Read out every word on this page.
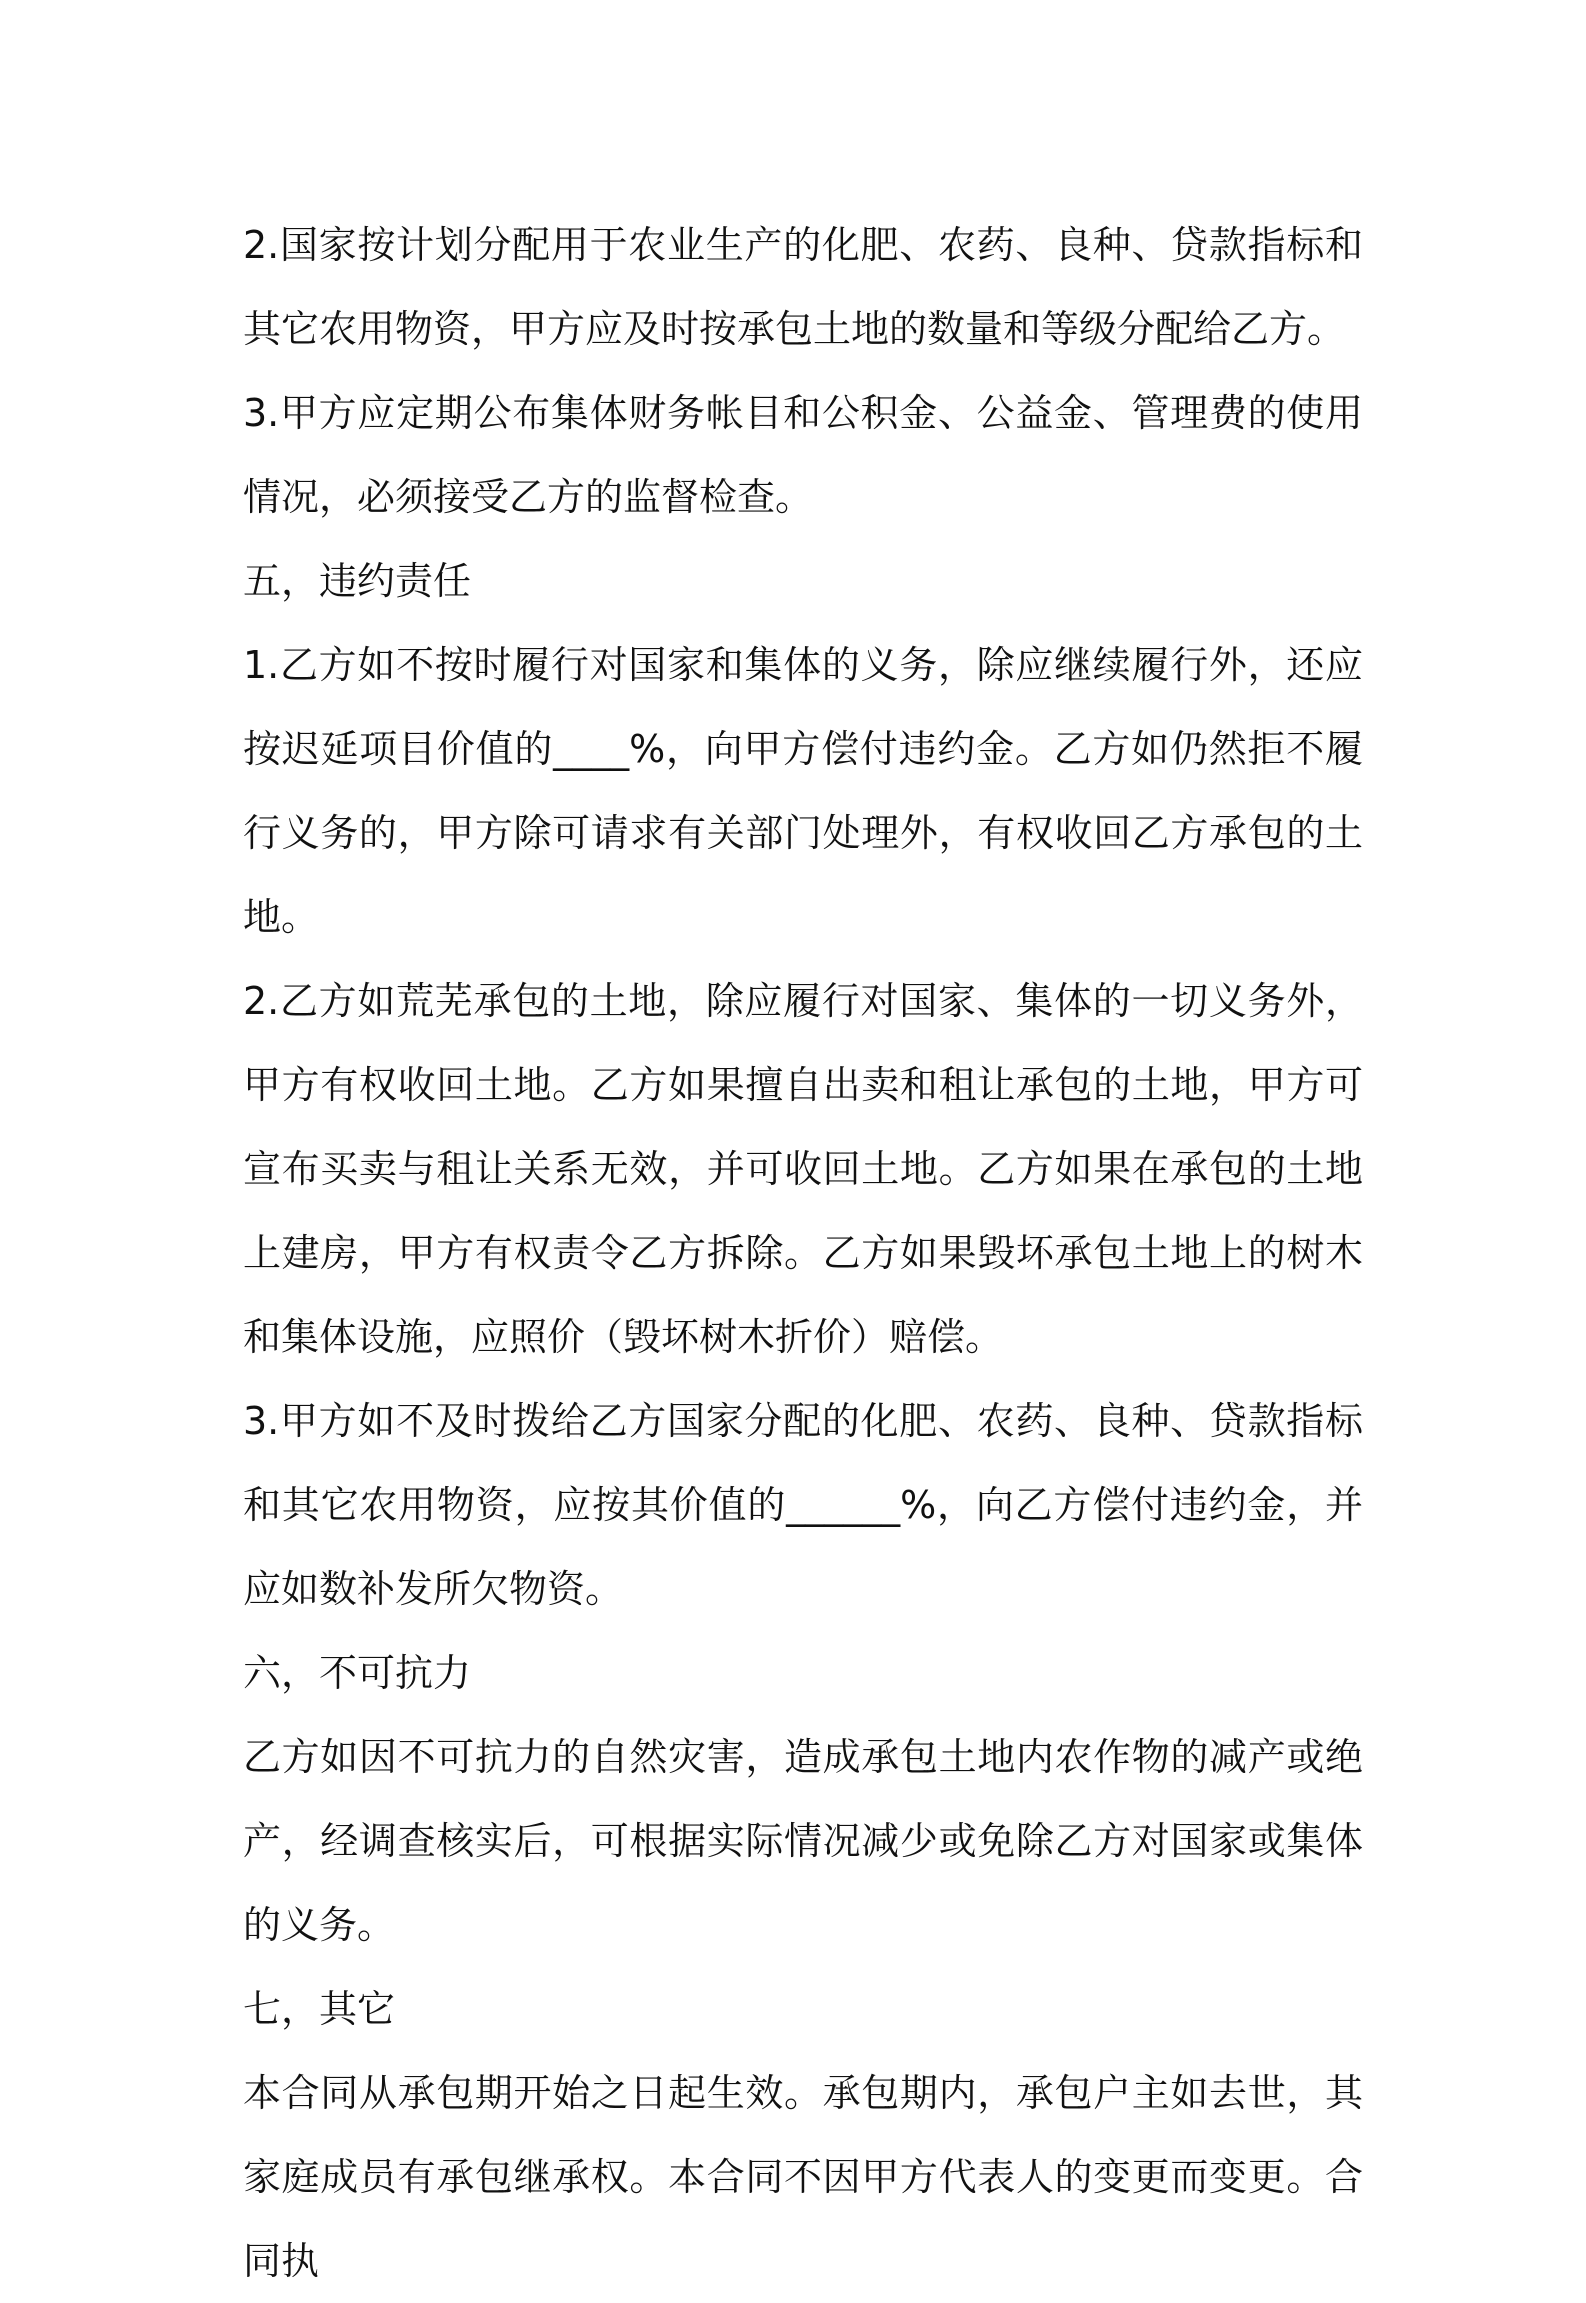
2.国家按计划分配用于农业生产的化肥、农药、良种、贷款指标和其它农用物资，甲方应及时按承包土地的数量和等级分配给乙方。

3.甲方应定期公布集体财务帐目和公积金、公益金、管理费的使用情况，必须接受乙方的监督检查。

五，违约责任

1.乙方如不按时履行对国家和集体的义务，除应继续履行外，还应按迟延项目价值的____%，向甲方偿付违约金。乙方如仍然拒不履行义务的，甲方除可请求有关部门处理外，有权收回乙方承包的土地。

2.乙方如荒芜承包的土地，除应履行对国家、集体的一切义务外，甲方有权收回土地。乙方如果擅自出卖和租让承包的土地，甲方可宣布买卖与租让关系无效，并可收回土地。乙方如果在承包的土地上建房，甲方有权责令乙方拆除。乙方如果毁坏承包土地上的树木和集体设施，应照价（毁坏树木折价）赔偿。

3.甲方如不及时拨给乙方国家分配的化肥、农药、良种、贷款指标和其它农用物资，应按其价值的______%，向乙方偿付违约金，并应如数补发所欠物资。

六，不可抗力

乙方如因不可抗力的自然灾害，造成承包土地内农作物的减产或绝产，经调查核实后，可根据实际情况减少或免除乙方对国家或集体的义务。

七，其它

本合同从承包期开始之日起生效。承包期内，承包户主如去世，其家庭成员有承包继承权。本合同不因甲方代表人的变更而变更。合同执
